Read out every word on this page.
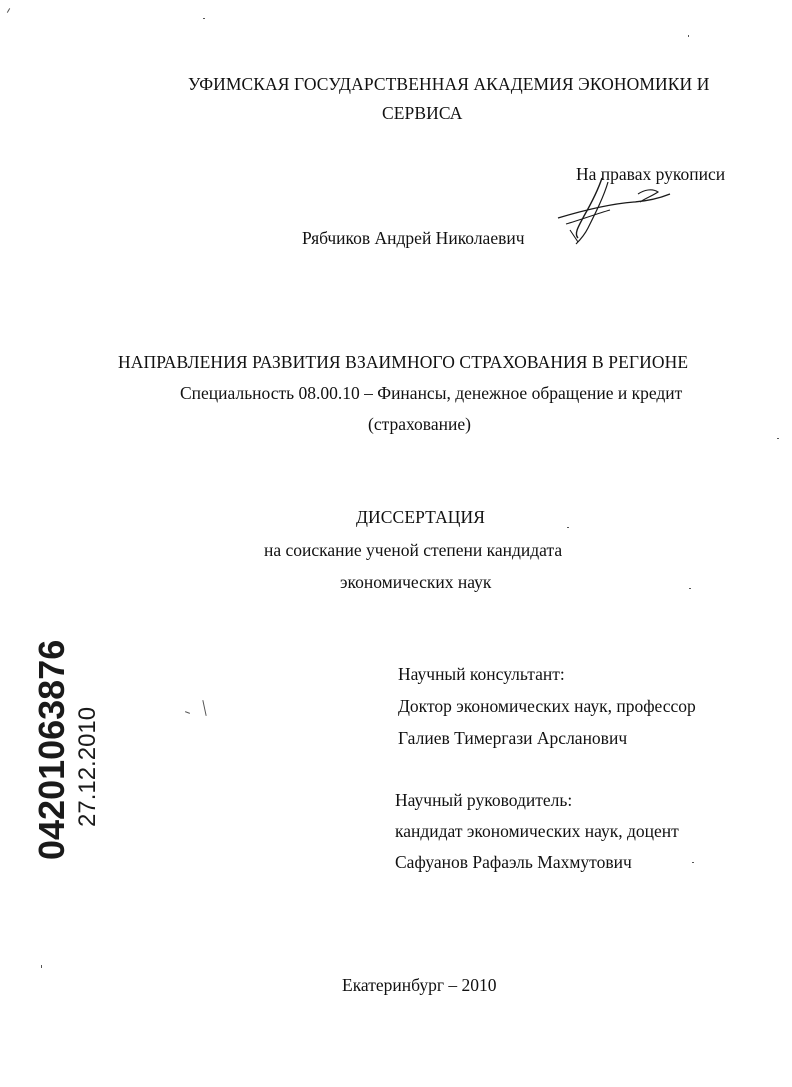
УФИМСКАЯ ГОСУДАРСТВЕННАЯ АКАДЕМИЯ ЭКОНОМИКИ И
СЕРВИСА
На правах рукописи
Рябчиков Андрей Николаевич
НАПРАВЛЕНИЯ РАЗВИТИЯ ВЗАИМНОГО СТРАХОВАНИЯ В РЕГИОНЕ
Специальность 08.00.10 – Финансы, денежное обращение и кредит
(страхование)
ДИССЕРТАЦИЯ
на соискание ученой степени кандидата
экономических наук
Научный консультант:
Доктор экономических наук, профессор
Галиев Тимергази Арсланович
Научный руководитель:
кандидат экономических наук, доцент
Сафуанов Рафаэль Махмутович
Екатеринбург – 2010
04201063876 27.12.2010
